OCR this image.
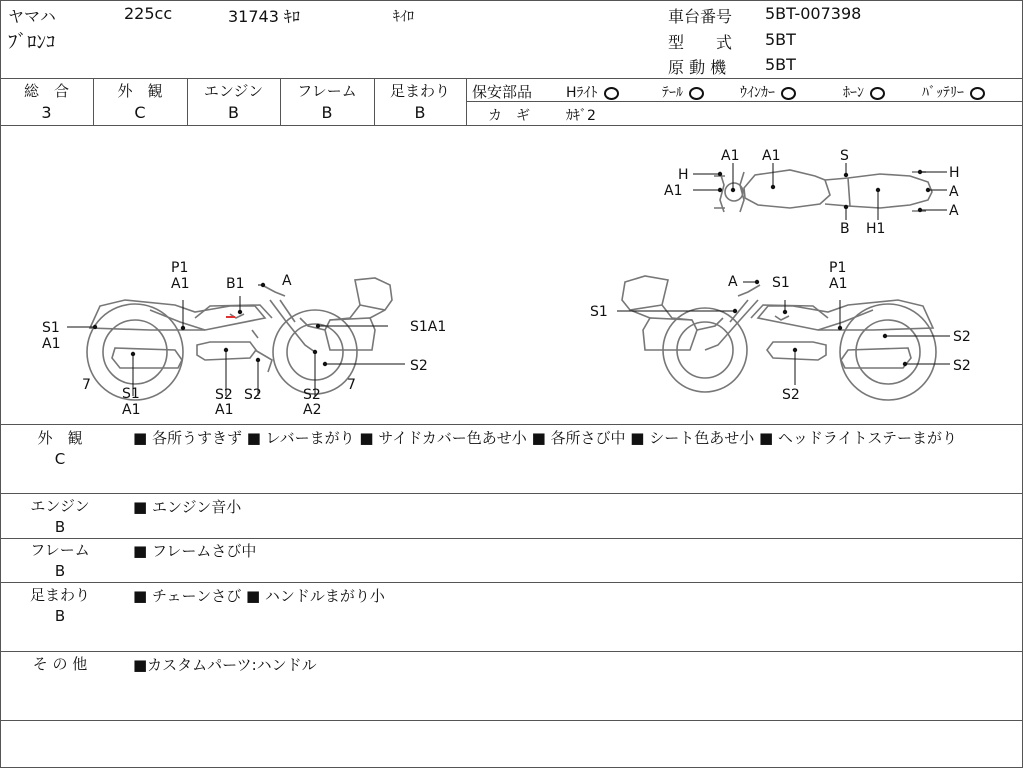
ヤマハ	225cc	31743 ｷﾛ	ｷｲﾛ
ﾌﾞﾛﾝｺ
車台番号 5BT-007398
型　　式 5BT
原 動 機 5BT
総　合
3
外　観
C
エンジン
B
フレーム
B
足まわり
B
保安部品 Hﾗｲﾄ	ﾃｰﾙ	ｳｲﾝｶｰ	ﾎｰﾝ	ﾊﾞｯﾃﾘｰ
カ　ギ	ｶｷﾞ2
P1
A1	B1	A
S1
A1
S1A1
S2
7
S1
A1
S2 S2
A1
S2
A2
7
A S1
P1
A1
S1
S2
S2
S2
A1 A1	S
H	H
A1	A
A
B H1
外　観
C
■ 各所うすきず ■ レバーまがり ■ サイドカバー色あせ小 ■ 各所さび中 ■ シート色あせ小 ■ ヘッドライトステーまがり
エンジン
B
■ エンジン音小
フレーム
B
■ フレームさび中
足まわり
B
■ チェーンさび ■ ハンドルまがり小
そ の 他	■カスタムパーツ:ハンドル
